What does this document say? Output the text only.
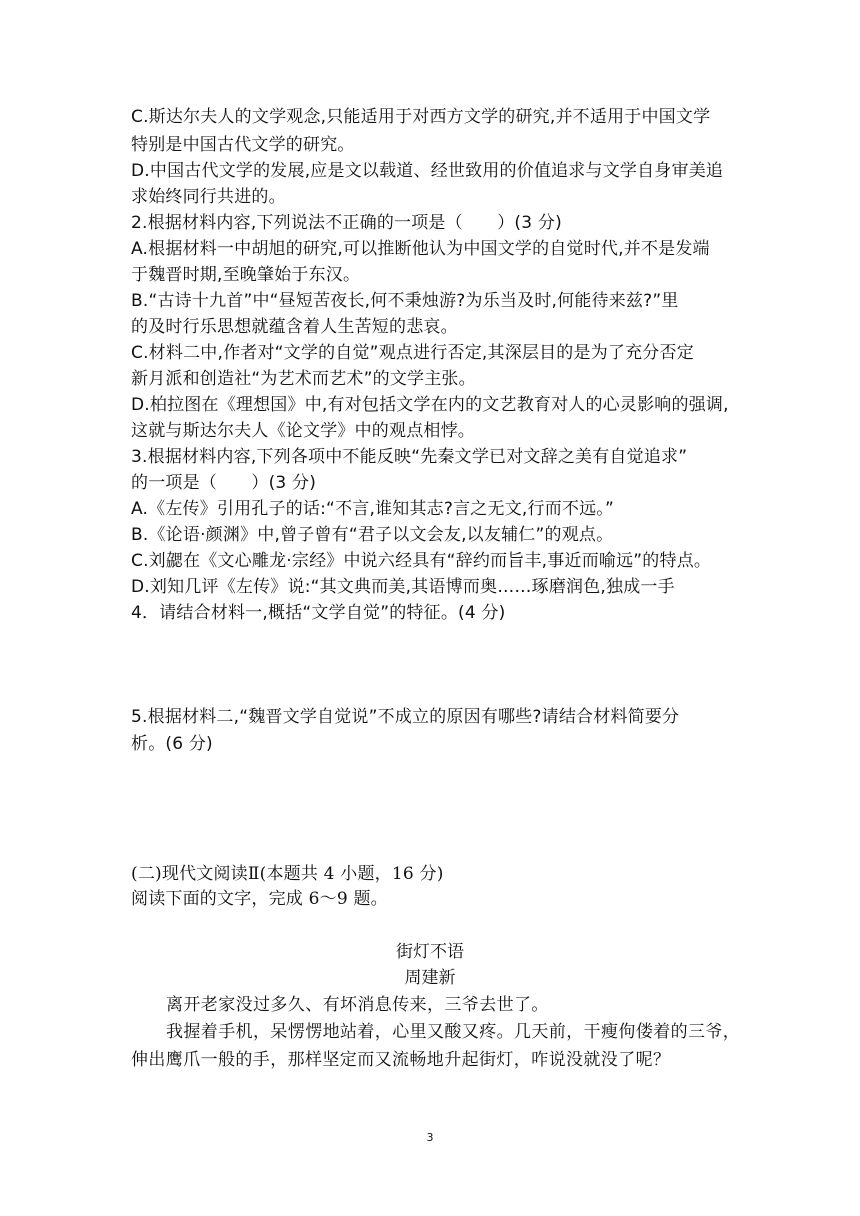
C.斯达尔夫人的文学观念,只能适用于对西方文学的研究,并不适用于中国文学
特别是中国古代文学的研究。
D.中国古代文学的发展,应是文以载道、经世致用的价值追求与文学自身审美追
求始终同行共进的。
2.根据材料内容,下列说法不正确的一项是（　　）(3 分)
A.根据材料一中胡旭的研究,可以推断他认为中国文学的自觉时代,并不是发端
于魏晋时期,至晚肇始于东汉。
B.“古诗十九首”中“昼短苦夜长,何不秉烛游?为乐当及时,何能待来兹?”里
的及时行乐思想就蕴含着人生苦短的悲哀。
C.材料二中,作者对“文学的自觉”观点进行否定,其深层目的是为了充分否定
新月派和创造社“为艺术而艺术”的文学主张。
D.柏拉图在《理想国》中,有对包括文学在内的文艺教育对人的心灵影响的强调,
这就与斯达尔夫人《论文学》中的观点相悖。
3.根据材料内容,下列各项中不能反映“先秦文学已对文辞之美有自觉追求”
的一项是（　　）(3 分)
A.《左传》引用孔子的话:“不言,谁知其志?言之无文,行而不远。”
B.《论语·颜渊》中,曾子曾有“君子以文会友,以友辅仁”的观点。
C.刘勰在《文心雕龙·宗经》中说六经具有“辞约而旨丰,事近而喻远”的特点。
D.刘知几评《左传》说:“其文典而美,其语博而奥……琢磨润色,独成一手
4．请结合材料一,概括“文学自觉”的特征。(4 分)
5.根据材料二,“魏晋文学自觉说”不成立的原因有哪些?请结合材料简要分
析。(6 分)
(二)现代文阅读Ⅱ(本题共 4 小题，16 分)
阅读下面的文字，完成 6～9 题。
街灯不语
周建新
离开老家没过多久、有坏消息传来，三爷去世了。
我握着手机，呆愣愣地站着，心里又酸又疼。几天前，干瘦佝偻着的三爷，
伸出鹰爪一般的手，那样坚定而又流畅地升起街灯，咋说没就没了呢？
3
